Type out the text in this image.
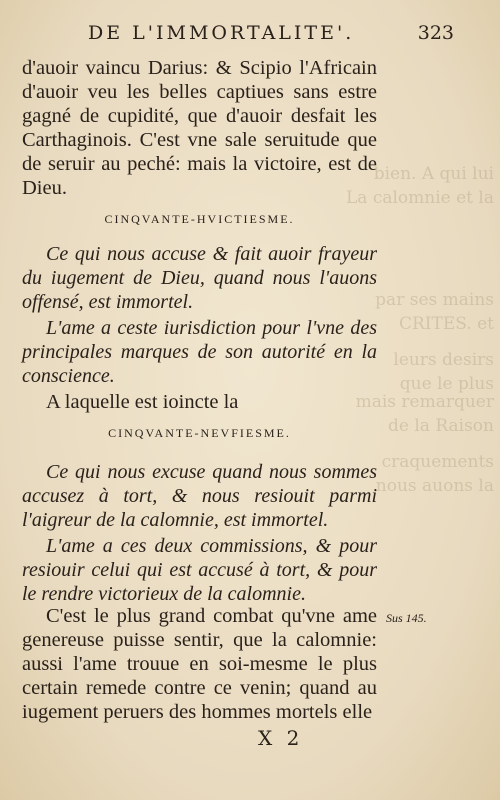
bien. A qui lui
La calomnie et la
par ses mains
CRITES. et
leurs desirs
que le plus
mais remarquer
de la Raison
craquements
nous auons la
DE L'IMMORTALITE'.	323

d'auoir vaincu Darius: & Scipio l'Africain d'auoir veu les belles captiues sans estre gagné de cupidité, que d'auoir desfait les Carthaginois. C'est vne sale seruitude que de seruir au peché: mais la victoire, est de Dieu.

CINQVANTE-HVICTIESME.

Ce qui nous accuse & fait auoir frayeur du iugement de Dieu, quand nous l'auons offensé, est immortel.

L'ame a ceste iurisdiction pour l'vne des principales marques de son autorité en la conscience.

A laquelle est ioincte la

CINQVANTE-NEVFIESME.

Ce qui nous excuse quand nous sommes accusez à tort, & nous resiouit parmi l'aigreur de la calomnie, est immortel.

L'ame a ces deux commissions, & pour resiouir celui qui est accusé à tort, & pour le rendre victorieux de la calomnie.

C'est le plus grand combat qu'vne ame genereuse puisse sentir, que la calomnie: aussi l'ame trouue en soi-mesme le plus certain remede contre ce venin; quand au iugement peruers des hommes mortels elle

Sus 145.
X 2
